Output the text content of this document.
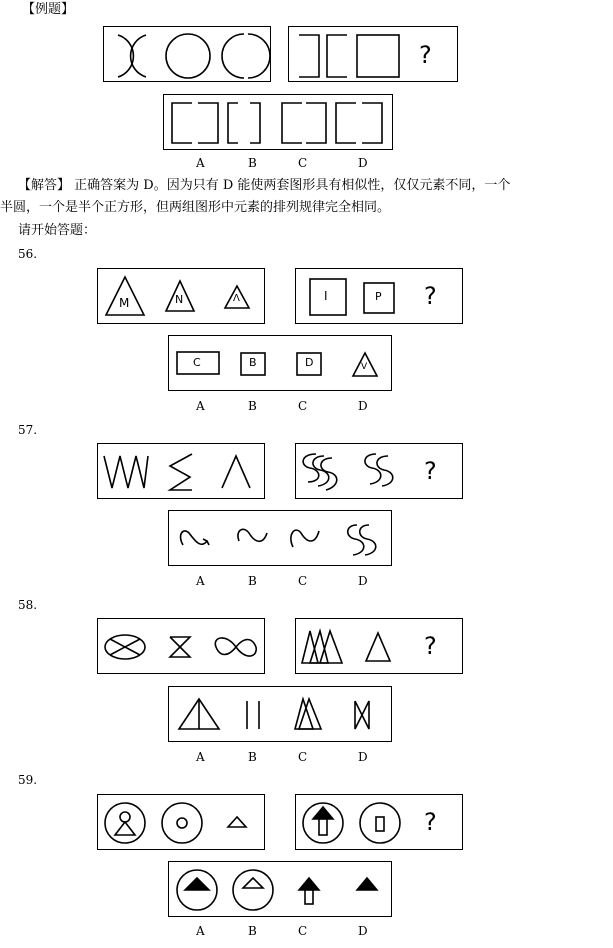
【例题】
?
A	B	C	D
【解答】 正确答案为 D。因为只有 D 能使两套图形具有相似性，仅仅元素不同，一个
半圆，一个是半个正方形，但两组图形中元素的排列规律完全相同。
请开始答题：
56.
M	N	Λ	I	P ?
C	B	D	V
A	B	C	D
57.
?
A	B	C	D
58.
?
A	B	C	D
59.
?
A	B	C	D
